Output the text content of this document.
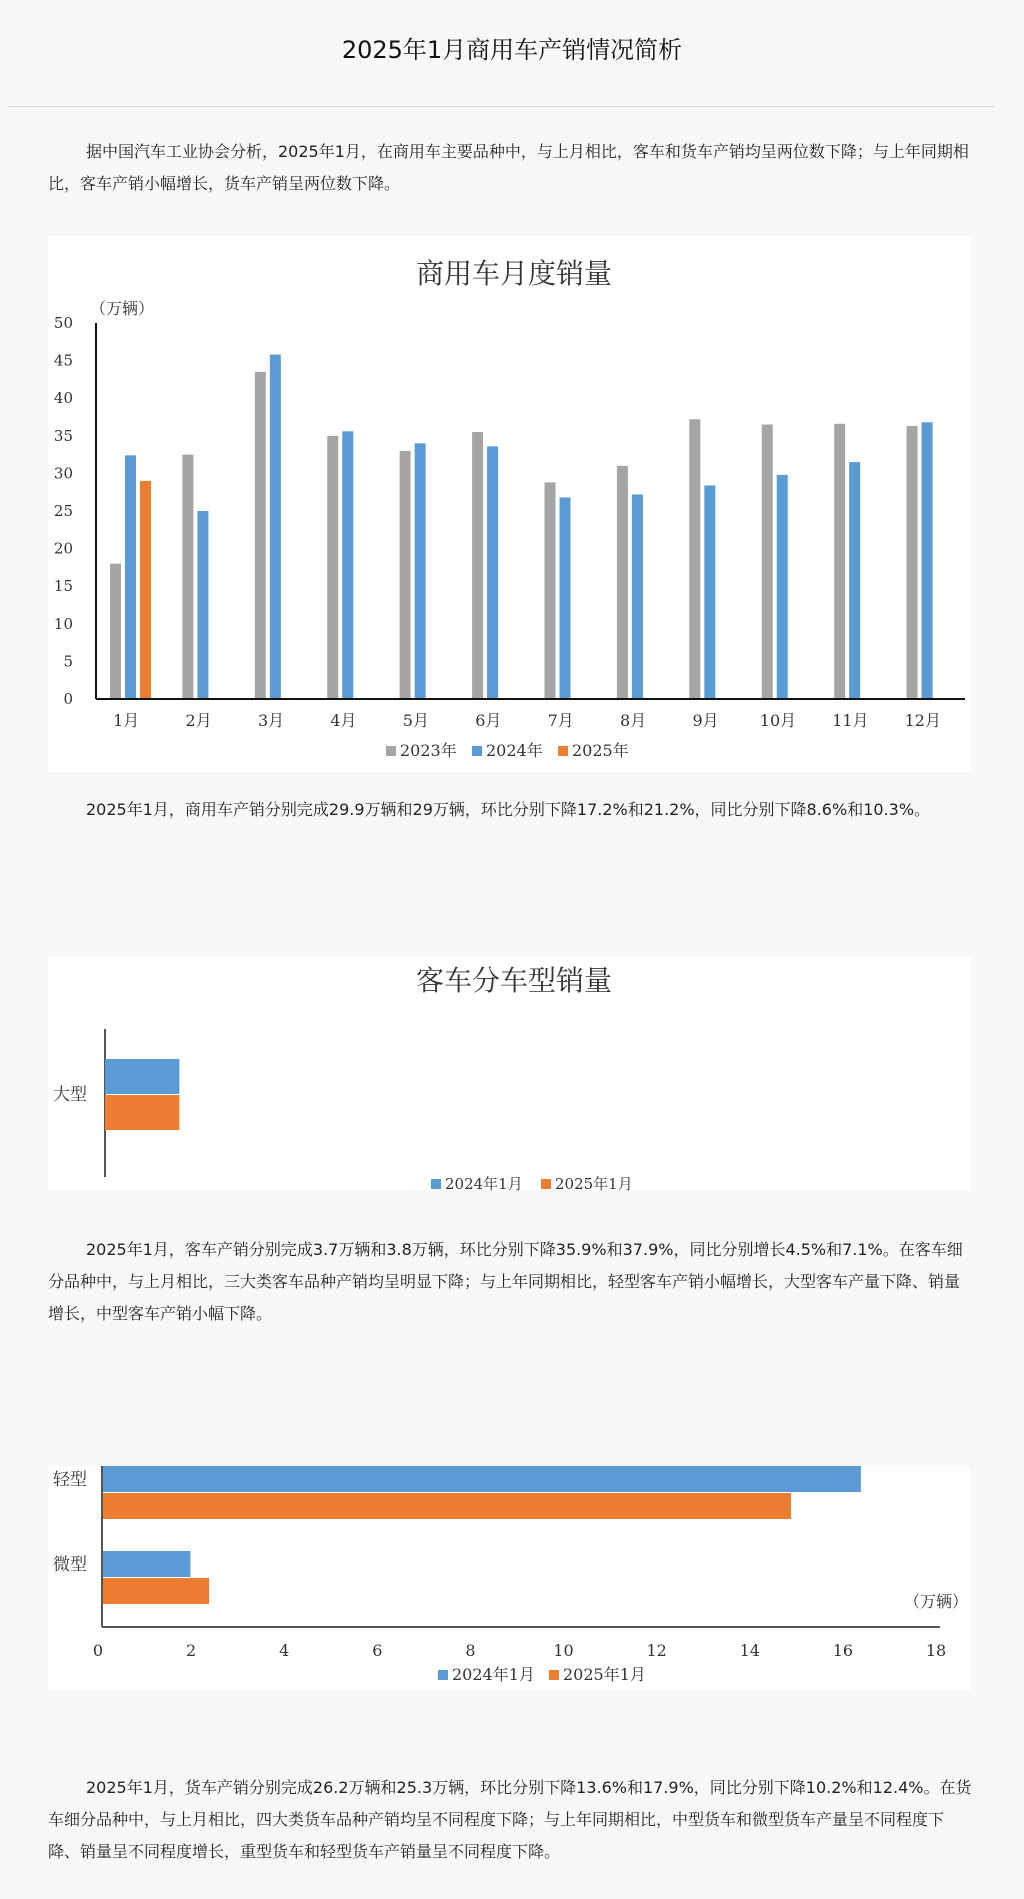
2025年1月商用车产销情况简析

据中国汽车工业协会分析，2025年1月，在商用车主要品种中，与上月相比，客车和货车产销均呈两位数下降；与上年同期相比，客车产销小幅增长，货车产销呈两位数下降。

商用车月度销量
（万辆）
1月	2月	3月	4月	5月	6月	7月	8月	9月	10月 11月 12月
0
5
10
15
20
25
30
35
40
45
50
2023年 2024年 2025年

2025年1月，商用车产销分别完成29.9万辆和29万辆，环比分别下降17.2%和21.2%，同比分别下降8.6%和10.3%。

客车分车型销量
大型
2024年1月 2025年1月

2025年1月，客车产销分别完成3.7万辆和3.8万辆，环比分别下降35.9%和37.9%，同比分别增长4.5%和7.1%。在客车细分品种中，与上月相比，三大类客车品种产销均呈明显下降；与上年同期相比，轻型客车产销小幅增长，大型客车产量下降、销量增长，中型客车产销小幅下降。

轻型
微型
（万辆）
0	2	4	6	8	10	12	14	16	18
2024年1月 2025年1月

2025年1月，货车产销分别完成26.2万辆和25.3万辆，环比分别下降13.6%和17.9%，同比分别下降10.2%和12.4%。在货车细分品种中，与上月相比，四大类货车品种产销均呈不同程度下降；与上年同期相比，中型货车和微型货车产量呈不同程度下降、销量呈不同程度增长，重型货车和轻型货车产销量呈不同程度下降。
